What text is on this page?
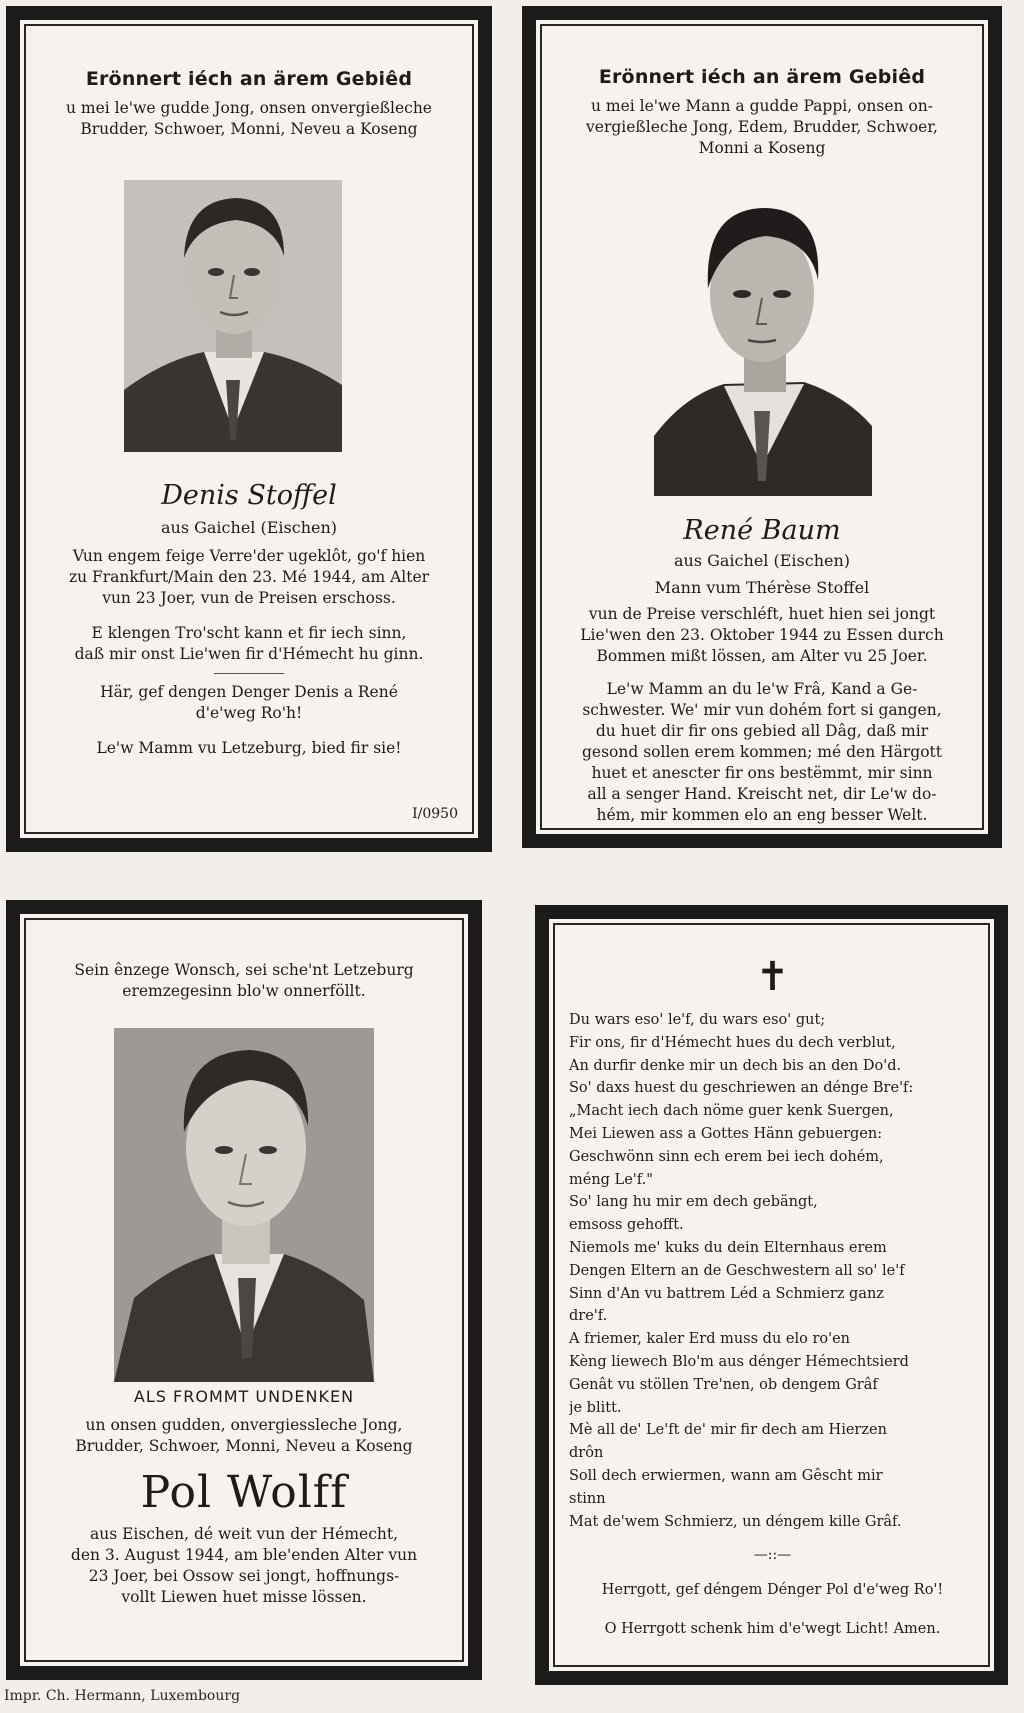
Erönnert iéch an ärem Gebiêd

u mei le'we gudde Jong, onsen onvergießleche

Brudder, Schwoer, Monni, Neveu a Koseng

Denis Stoffel

aus Gaichel (Eischen)

Vun engem feige Verre'der ugeklôt, go'f hien

zu Frankfurt/Main den 23. Mé 1944, am Alter

vun 23 Joer, vun de Preisen erschoss.

E klengen Tro'scht kann et fir iech sinn,

daß mir onst Lie'wen fir d'Hémecht hu ginn.

Här, gef dengen Denger Denis a René

d'e'weg Ro'h!

Le'w Mamm vu Letzeburg, bied fir sie!

I/0950

Erönnert iéch an ärem Gebiêd

u mei le'we Mann a gudde Pappi, onsen on-

vergießleche Jong, Edem, Brudder, Schwoer,

Monni a Koseng

René Baum

aus Gaichel (Eischen)

Mann vum Thérèse Stoffel

vun de Preise verschléft, huet hien sei jongt

Lie'wen den 23. Oktober 1944 zu Essen durch

Bommen mißt lössen, am Alter vu 25 Joer.

Le'w Mamm an du le'w Frâ, Kand a Ge-

schwester. We' mir vun dohém fort si gangen,

du huet dir fir ons gebied all Dâg, daß mir

gesond sollen erem kommen; mé den Härgott

huet et anescter fir ons bestëmmt, mir sinn

all a senger Hand. Kreischt net, dir Le'w do-

hém, mir kommen elo an eng besser Welt.

Sein ênzege Wonsch, sei sche'nt Letzeburg

eremzegesinn blo'w onnerföllt.

ALS FROMMT UNDENKEN

un onsen gudden, onvergiessleche Jong,

Brudder, Schwoer, Monni, Neveu a Koseng

Pol Wolff

aus Eischen, dé weit vun der Hémecht,

den 3. August 1944, am ble'enden Alter vun

23 Joer, bei Ossow sei jongt, hoffnungs-

vollt Liewen huet misse lössen.

✝
Du wars eso' le'f, du wars eso' gut;
Fir ons, fir d'Hémecht hues du dech verblut,
An durfir denke mir un dech bis an den Do'd.
So' daxs huest du geschriewen an dénge Bre'f:
„Macht iech dach nöme guer kenk Suergen,
Mei Liewen ass a Gottes Hänn gebuergen:
Geschwönn sinn ech erem bei iech dohém,
méng Le'f."
So' lang hu mir em dech gebängt,
emsoss gehofft.
Niemols me' kuks du dein Elternhaus erem
Dengen Eltern an de Geschwestern all so' le'f
Sinn d'An vu battrem Léd a Schmierz ganz
dre'f.
A friemer, kaler Erd muss du elo ro'en
Kèng liewech Blo'm aus dénger Hémechtsierd
Genât vu stöllen Tre'nen, ob dengem Grâf
je blitt.
Mè all de' Le'ft de' mir fir dech am Hierzen
drôn
Soll dech erwiermen, wann am Gêscht mir
stinn
Mat de'wem Schmierz, un déngem kille Grâf.

—::—

Herrgott, gef déngem Dénger Pol d'e'weg Ro'!

O Herrgott schenk him d'e'wegt Licht! Amen.

Impr. Ch. Hermann, Luxembourg
